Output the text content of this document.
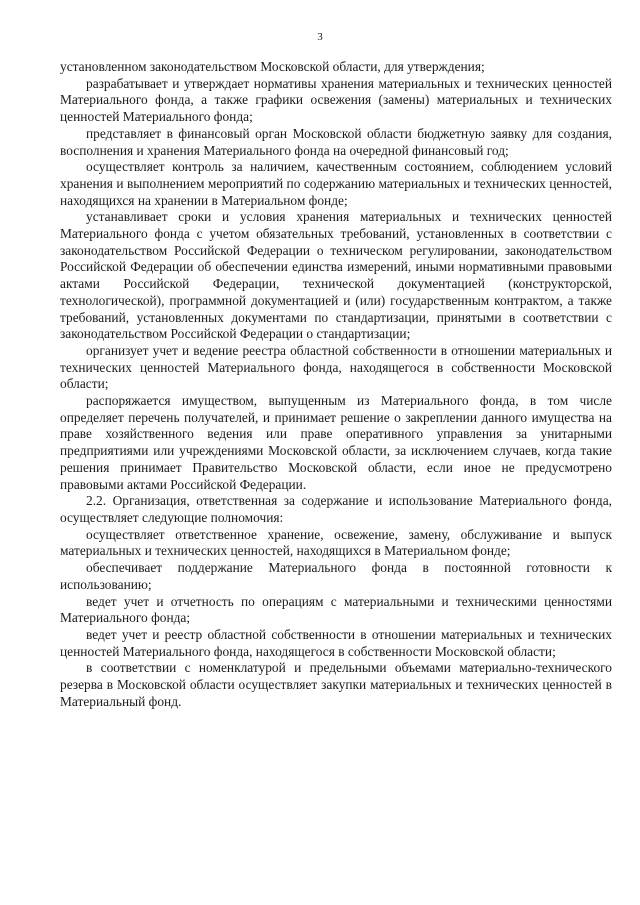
3

установленном законодательством Московской области, для утверждения;

разрабатывает и утверждает нормативы хранения материальных и технических ценностей Материального фонда, а также графики освежения (замены) материальных и технических ценностей Материального фонда;

представляет в финансовый орган Московской области бюджетную заявку для создания, восполнения и хранения Материального фонда на очередной финансовый год;

осуществляет контроль за наличием, качественным состоянием, соблюдением условий хранения и выполнением мероприятий по содержанию материальных и технических ценностей, находящихся на хранении в Материальном фонде;

устанавливает сроки и условия хранения материальных и технических ценностей Материального фонда с учетом обязательных требований, установленных в соответствии с законодательством Российской Федерации о техническом регулировании, законодательством Российской Федерации об обеспечении единства измерений, иными нормативными правовыми актами Российской Федерации, технической документацией (конструкторской, технологической), программной документацией и (или) государственным контрактом, а также требований, установленных документами по стандартизации, принятыми в соответствии с законодательством Российской Федерации о стандартизации;

организует учет и ведение реестра областной собственности в отношении материальных и технических ценностей Материального фонда, находящегося в собственности Московской области;

распоряжается имуществом, выпущенным из Материального фонда, в том числе определяет перечень получателей, и принимает решение о закреплении данного имущества на праве хозяйственного ведения или праве оперативного управления за унитарными предприятиями или учреждениями Московской области, за исключением случаев, когда такие решения принимает Правительство Московской области, если иное не предусмотрено правовыми актами Российской Федерации.

2.2. Организация, ответственная за содержание и использование Материального фонда, осуществляет следующие полномочия:

осуществляет ответственное хранение, освежение, замену, обслуживание и выпуск материальных и технических ценностей, находящихся в Материальном фонде;

обеспечивает поддержание Материального фонда в постоянной готовности к использованию;

ведет учет и отчетность по операциям с материальными и техническими ценностями Материального фонда;

ведет учет и реестр областной собственности в отношении материальных и технических ценностей Материального фонда, находящегося в собственности Московской области;

в соответствии с номенклатурой и предельными объемами материально-технического резерва в Московской области осуществляет закупки материальных и технических ценностей в Материальный фонд.
